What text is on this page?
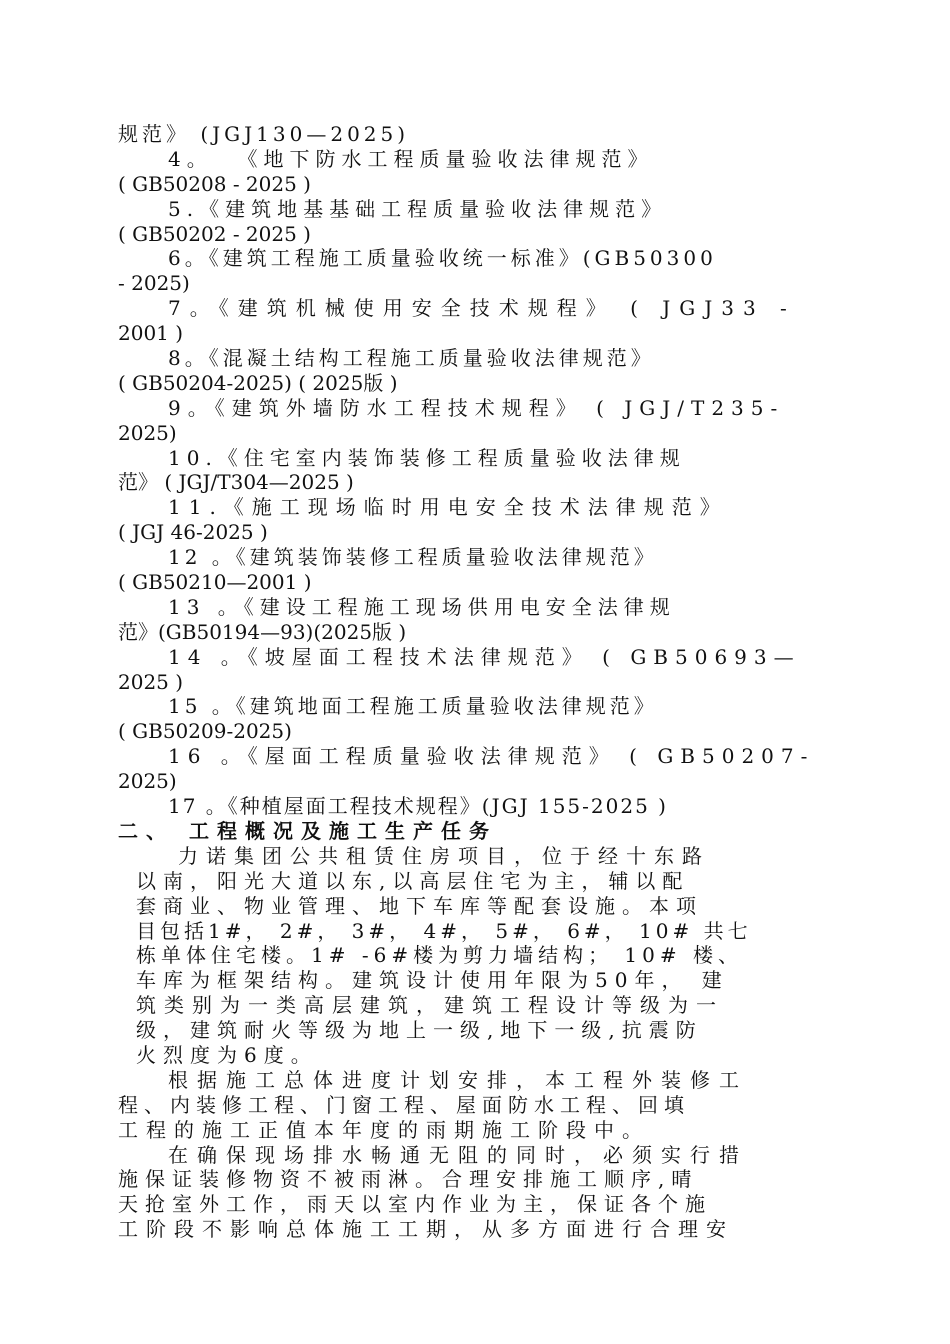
规范》 (JGJ130—2025)
4。  《地下防水工程质量验收法律规范》
( GB50208 - 2025 )
5.《建筑地基基础工程质量验收法律规范》
( GB50202 - 2025 )
6。《建筑工程施工质量验收统一标准》(GB50300
- 2025)
7。《建筑机械使用安全技术规程》 ( JGJ33 -
2001 )
8。《混凝土结构工程施工质量验收法律规范》
( GB50204-2025) ( 2025版 )
9。《建筑外墙防水工程技术规程》 ( JGJ/T235-
2025)
10.《住宅室内装饰装修工程质量验收法律规
范》 ( JGJ/T304—2025 )
11.《施工现场临时用电安全技术法律规范》
( JGJ 46-2025 )
12 。《建筑装饰装修工程质量验收法律规范》
( GB50210—2001 )
13 。《建设工程施工现场供用电安全法律规
范》(GB50194—93)(2025版 )
14 。《坡屋面工程技术法律规范》 ( GB50693—
2025 )
15 。《建筑地面工程施工质量验收法律规范》
( GB50209-2025)
16 。《屋面工程质量验收法律规范》 ( GB50207-
2025)
17 。《种植屋面工程技术规程》(JGJ 155-2025 )
二、 工程概况及施工生产任务
力诺集团公共租赁住房项目，位于经十东路
以南，阳光大道以东,以高层住宅为主，辅以配
套商业、物业管理、地下车库等配套设施。本项
目包括1#， 2#， 3#， 4#， 5#， 6#， 10# 共七
栋单体住宅楼。1# -6#楼为剪力墙结构； 10# 楼、
车库为框架结构。建筑设计使用年限为50年， 建
筑类别为一类高层建筑，建筑工程设计等级为一
级，建筑耐火等级为地上一级,地下一级,抗震防
火烈度为6度。
根据施工总体进度计划安排，本工程外装修工
程、内装修工程、门窗工程、屋面防水工程、回填
工程的施工正值本年度的雨期施工阶段中。
在确保现场排水畅通无阻的同时，必须实行措
施保证装修物资不被雨淋。合理安排施工顺序,晴
天抢室外工作，雨天以室内作业为主，保证各个施
工阶段不影响总体施工工期，从多方面进行合理安
